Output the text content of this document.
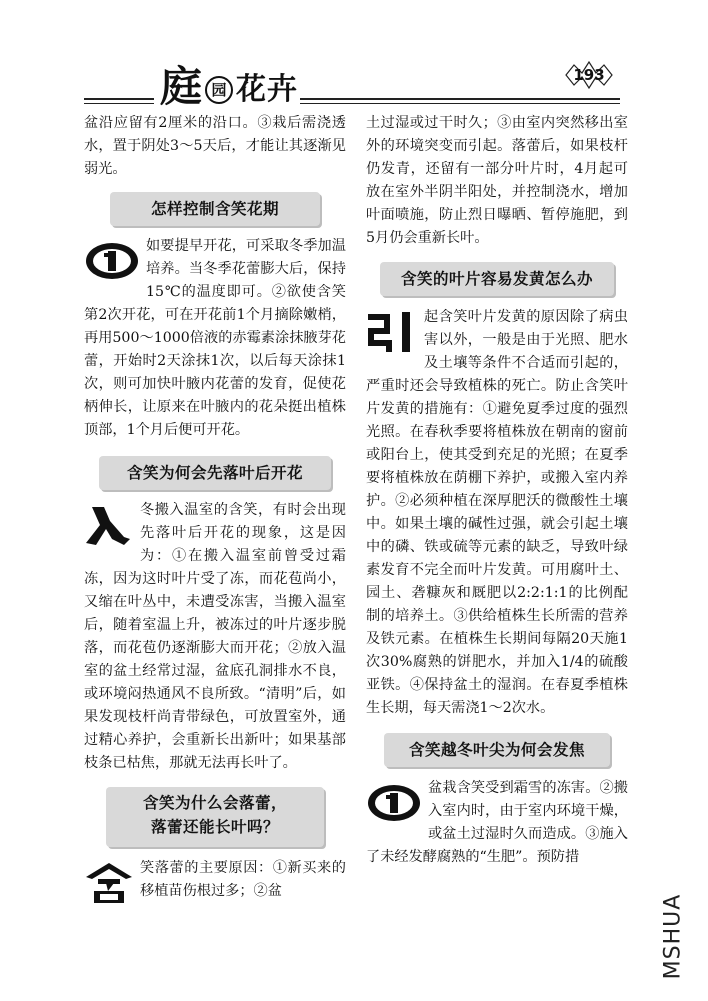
庭 园 花卉	193

盆沿应留有2厘米的沿口。③栽后需浇透水，置于阴处3～5天后，才能让其逐渐见弱光。

怎样控制含笑花期

如要提早开花，可采取冬季加温培养。当冬季花蕾膨大后，保持15℃的温度即可。②欲使含笑第2次开花，可在开花前1个月摘除嫩梢，再用500～1000倍液的赤霉素涂抹腋芽花蕾，开始时2天涂抹1次，以后每天涂抹1次，则可加快叶腋内花蕾的发育，促使花柄伸长，让原来在叶腋内的花朵挺出植株顶部，1个月后便可开花。

含笑为何会先落叶后开花

冬搬入温室的含笑，有时会出现先落叶后开花的现象，这是因为：①在搬入温室前曾受过霜冻，因为这时叶片受了冻，而花苞尚小，又缩在叶丛中，未遭受冻害，当搬入温室后，随着室温上升，被冻过的叶片逐步脱落，而花苞仍逐渐膨大而开花；②放入温室的盆土经常过湿，盆底孔洞排水不良，或环境闷热通风不良所致。“清明”后，如果发现枝杆尚青带绿色，可放置室外，通过精心养护，会重新长出新叶；如果基部枝条已枯焦，那就无法再长叶了。

含笑为什么会落蕾，
落蕾还能长叶吗？

笑落蕾的主要原因：①新买来的移植苗伤根过多；②盆

土过湿或过干时久；③由室内突然移出室外的环境突变而引起。落蕾后，如果枝杆仍发青，还留有一部分叶片时，4月起可放在室外半阴半阳处，并控制浇水，增加叶面喷施，防止烈日曝晒、暂停施肥，到5月仍会重新长叶。

含笑的叶片容易发黄怎么办

起含笑叶片发黄的原因除了病虫害以外，一般是由于光照、肥水及土壤等条件不合适而引起的，严重时还会导致植株的死亡。防止含笑叶片发黄的措施有：①避免夏季过度的强烈光照。在春秋季要将植株放在朝南的窗前或阳台上，使其受到充足的光照；在夏季要将植株放在荫棚下养护，或搬入室内养护。②必须种植在深厚肥沃的微酸性土壤中。如果土壤的碱性过强，就会引起土壤中的磷、铁或硫等元素的缺乏，导致叶绿素发育不完全而叶片发黄。可用腐叶土、园土、砻糠灰和厩肥以2:2:1:1的比例配制的培养土。③供给植株生长所需的营养及铁元素。在植株生长期间每隔20天施1次30%腐熟的饼肥水，并加入1/4的硫酸亚铁。④保持盆土的湿润。在春夏季植株生长期，每天需浇1～2次水。

含笑越冬叶尖为何会发焦

盆栽含笑受到霜雪的冻害。②搬入室内时，由于室内环境干燥，或盆土过湿时久而造成。③施入了未经发酵腐熟的“生肥”。预防措

MSHUA
